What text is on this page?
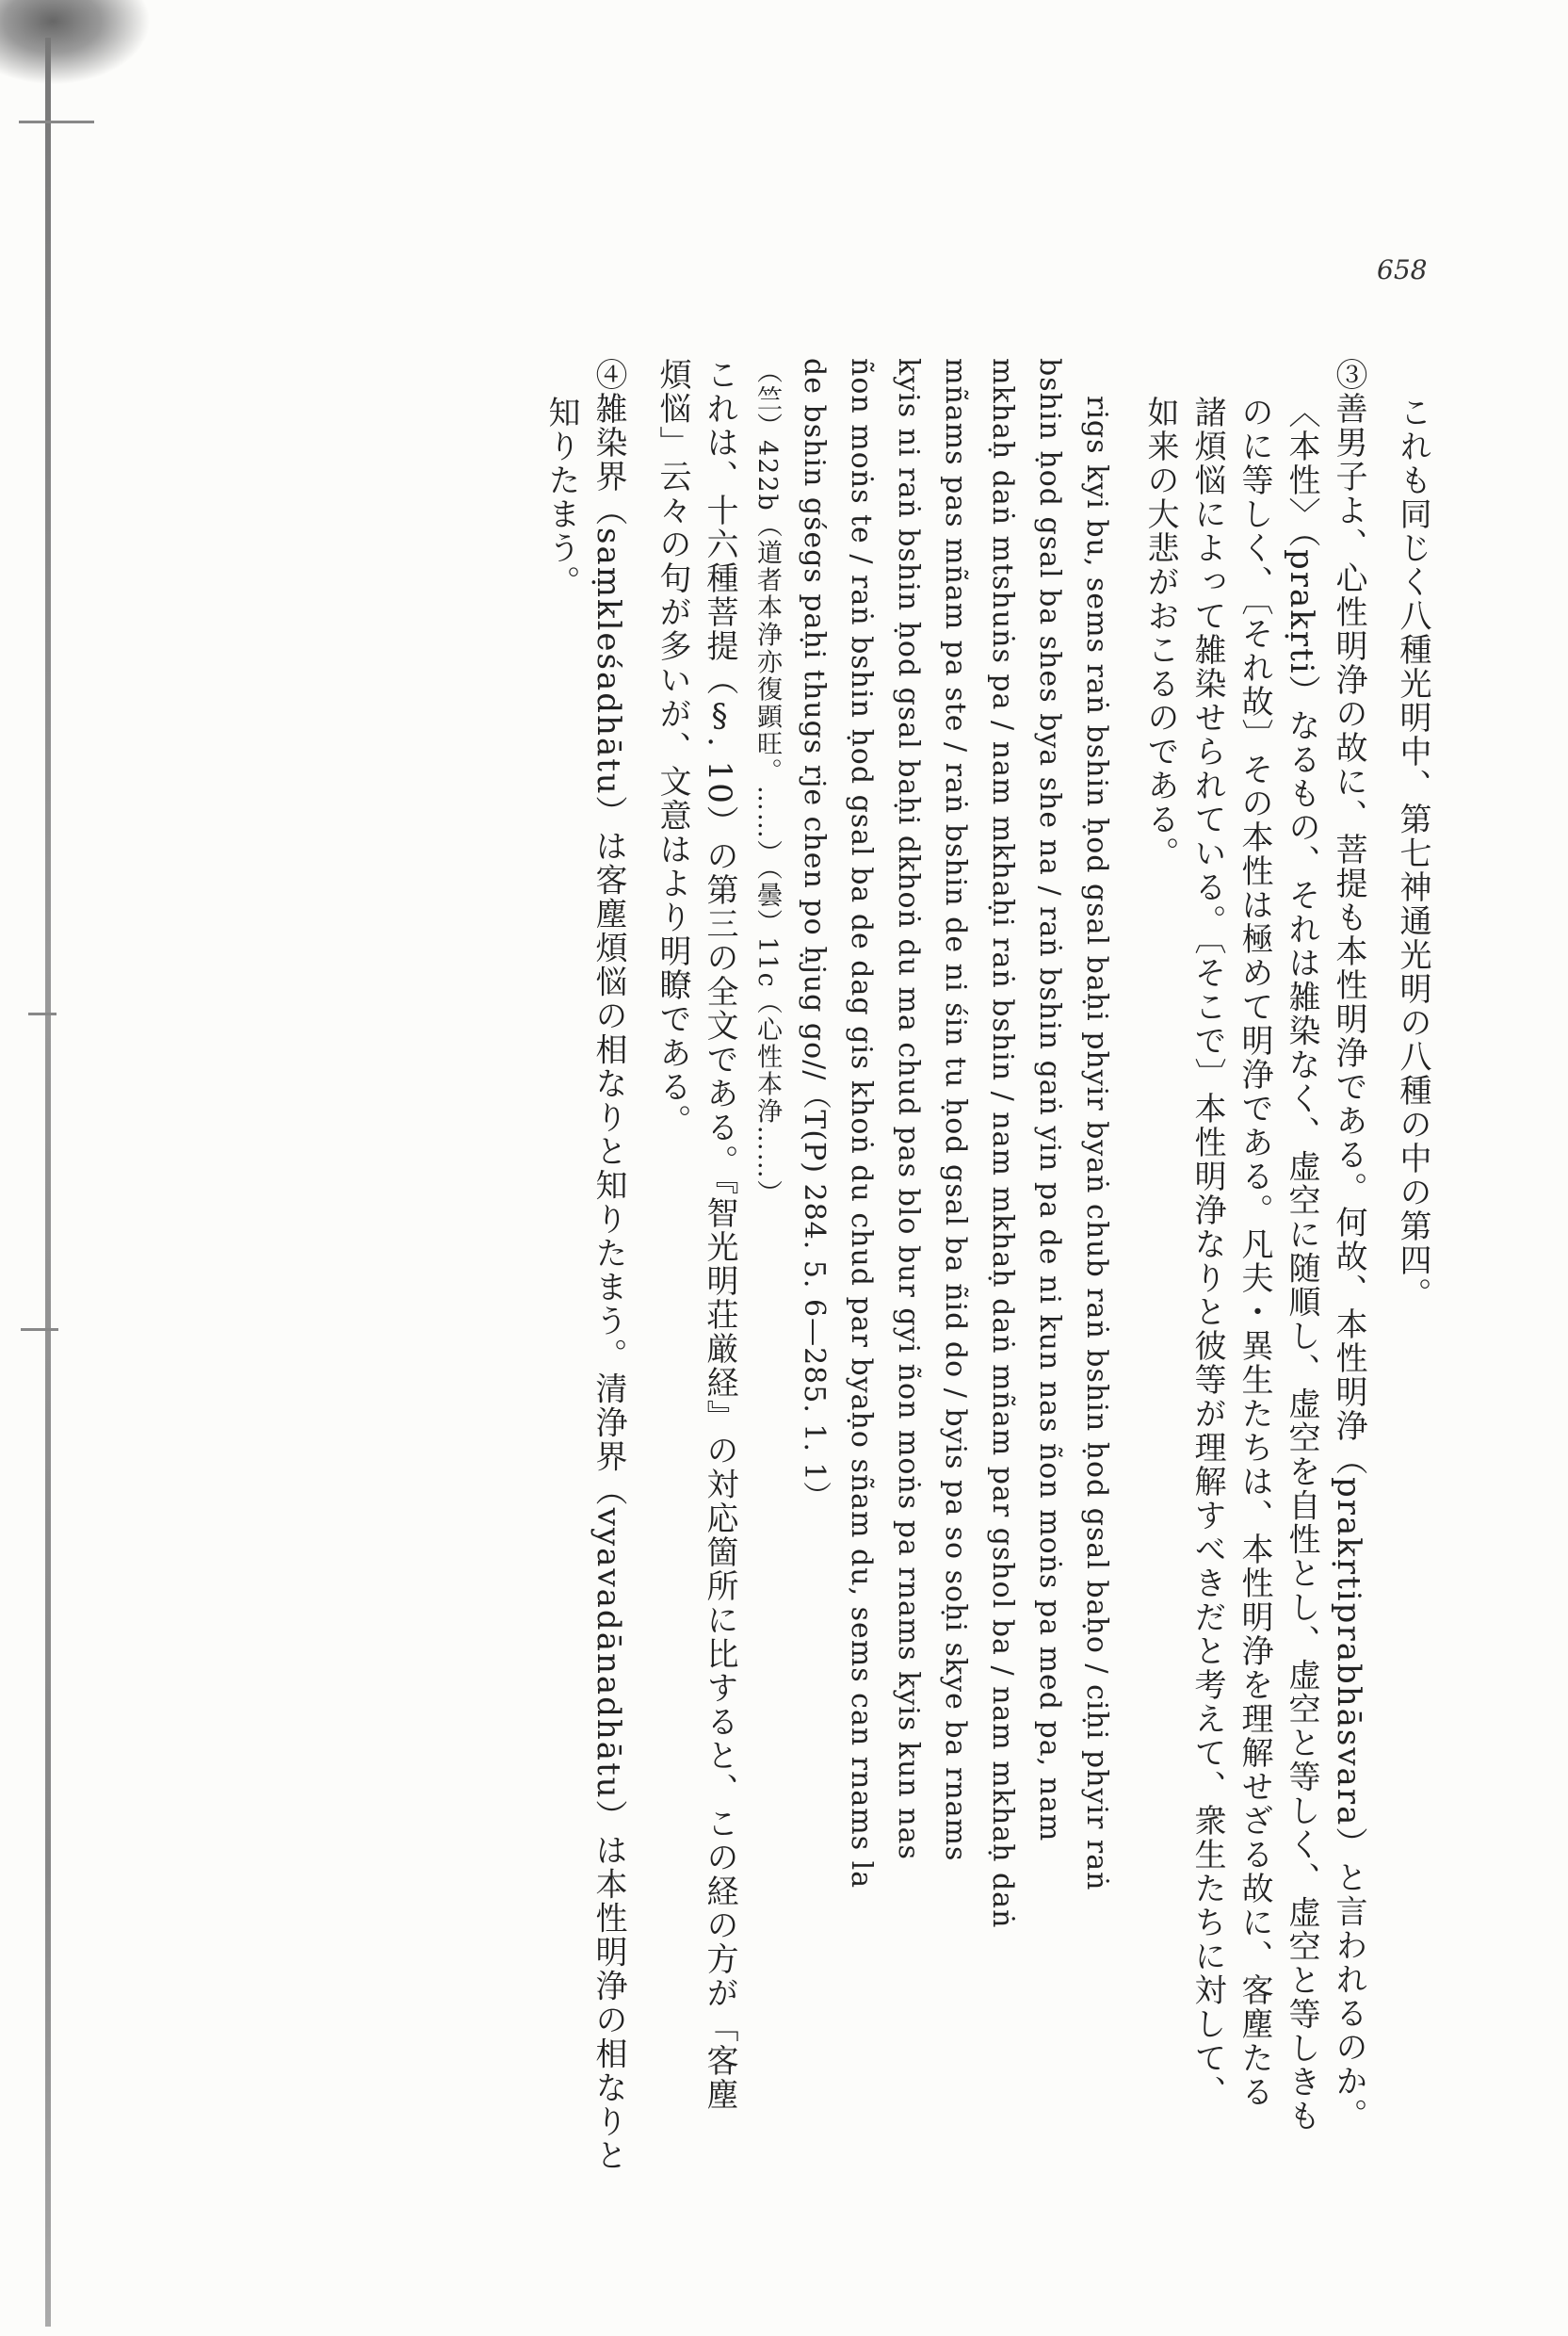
658

これも同じく八種光明中、第七神通光明の八種の中の第四。

③善男子よ、心性明浄の故に、菩提も本性明浄である。何故、本性明浄（prakṛtiprabhāsvara）と言われるのか。

〈本性〉（prakṛti）なるもの、それは雑染なく、虚空に随順し、虚空を自性とし、虚空と等しく、虚空と等しきも

のに等しく、〔それ故〕その本性は極めて明浄である。凡夫・異生たちは、本性明浄を理解せざる故に、客塵たる

諸煩悩によって雑染せられている。〔そこで〕本性明浄なりと彼等が理解すべきだと考えて、衆生たちに対して、

如来の大悲がおこるのである。

rigs kyi bu, sems raṅ bshin ḥod gsal baḥi phyir byaṅ chub raṅ bshin ḥod gsal baḥo / ciḥi phyir raṅ

bshin ḥod gsal ba shes bya she na / raṅ bshin gaṅ yin pa de ni kun nas ñon moṅs pa med pa, nam

mkhaḥ daṅ mtshuṅs pa / nam mkhaḥi raṅ bshin / nam mkhaḥ daṅ mñam par gshol ba / nam mkhaḥ daṅ

mñams pas mñam pa ste / raṅ bshin de ni śin tu ḥod gsal ba ñid do / byis pa so soḥi skye ba rnams

kyis ni raṅ bshin ḥod gsal baḥi dkhoṅ du ma chud pas blo bur gyi ñon moṅs pa rnams kyis kun nas

ñon moṅs te / raṅ bshin ḥod gsal ba de dag gis khoṅ du chud par byaḥo sñam du, sems can rnams la

de bshin gśegs paḥi thugs rje chen po ḥjug go//（T(P) 284. 5. 6—285. 1. 1）

（竺）422b（道者本浄亦復顕旺。……）（曇）11c（心性本浄……）

これは、十六種菩提（§. 10）の第三の全文である。『智光明荘厳経』の対応箇所に比すると、この経の方が「客塵

煩悩」云々の句が多いが、文意はより明瞭である。

④雑染界（saṃkleśadhātu）は客塵煩悩の相なりと知りたまう。清浄界（vyavadānadhātu）は本性明浄の相なりと

知りたまう。
